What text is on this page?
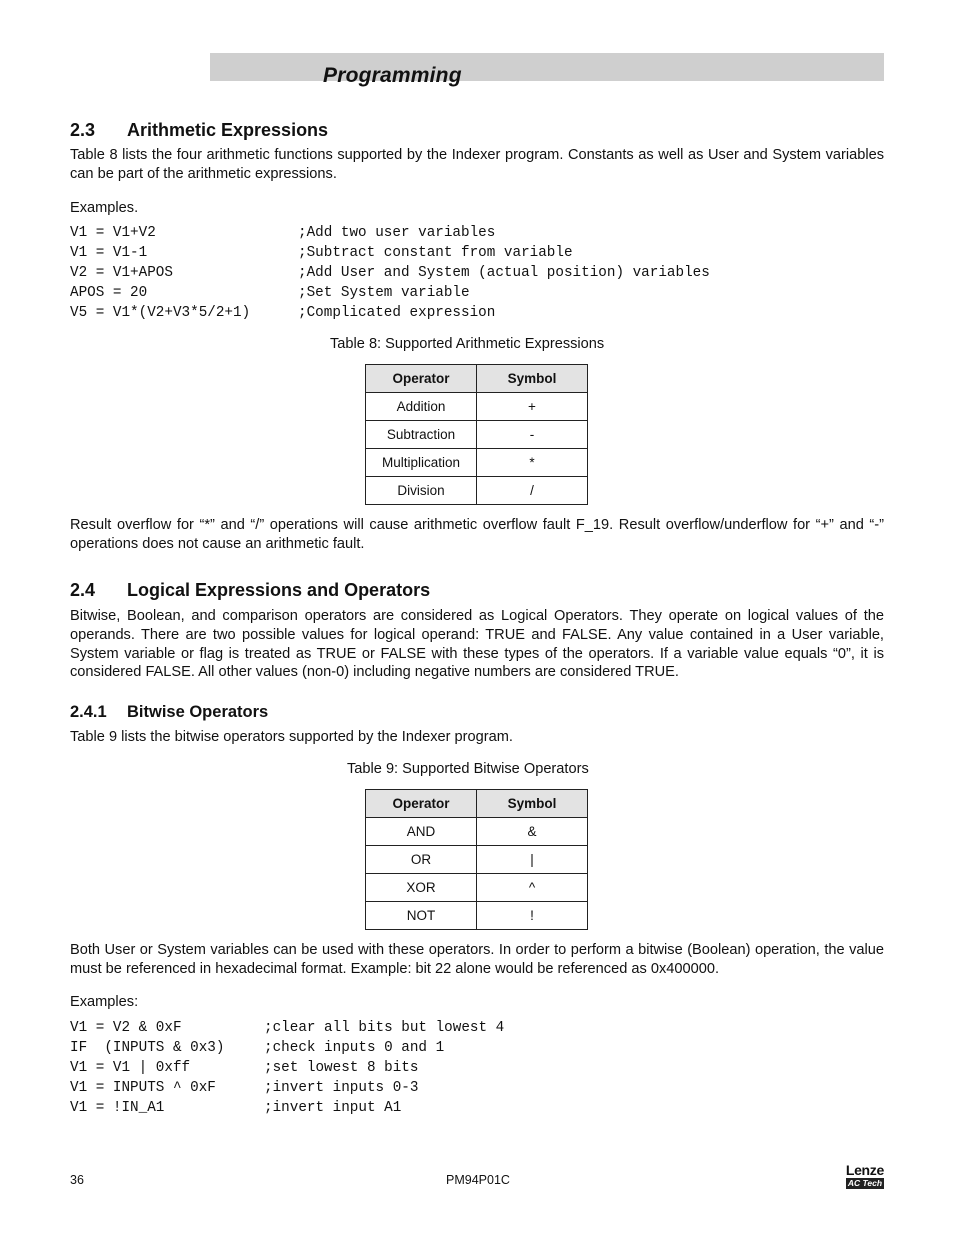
Programming
2.3 Arithmetic Expressions
Table 8 lists the four arithmetic functions supported by the Indexer program. Constants as well as User and System variables can be part of the arithmetic expressions.
Examples.
V1 = V1+V2	;Add two user variables
V1 = V1-1	;Subtract constant from variable
V2 = V1+APOS	;Add User and System (actual position) variables
APOS = 20	;Set System variable
V5 = V1*(V2+V3*5/2+1)	;Complicated expression
Table 8: Supported Arithmetic Expressions
Operator	Symbol
Addition	+
Subtraction	-
Multiplication	*
Division	/
Result overflow for “*” and “/” operations will cause arithmetic overflow fault F_19. Result overflow/underflow for “+” and “-” operations does not cause an arithmetic fault.
2.4 Logical Expressions and Operators
Bitwise, Boolean, and comparison operators are considered as Logical Operators. They operate on logical values of the operands. There are two possible values for logical operand: TRUE and FALSE. Any value contained in a User variable, System variable or flag is treated as TRUE or FALSE with these types of the operators. If a variable value equals “0”, it is considered FALSE. All other values (non-0) including negative numbers are considered TRUE.
2.4.1 Bitwise Operators
Table 9 lists the bitwise operators supported by the Indexer program.
Table 9: Supported Bitwise Operators
Operator	Symbol
AND	&
OR	|
XOR	^
NOT	!
Both User or System variables can be used with these operators. In order to perform a bitwise (Boolean) operation, the value must be referenced in hexadecimal format. Example: bit 22 alone would be referenced as 0x400000.
Examples:
V1 = V2 & 0xF	;clear all bits but lowest 4
IF  (INPUTS & 0x3)	;check inputs 0 and 1
V1 = V1 | 0xff	;set lowest 8 bits
V1 = INPUTS ^ 0xF	;invert inputs 0-3
V1 = !IN_A1	;invert input A1
36	PM94P01C
Lenze
AC Tech
